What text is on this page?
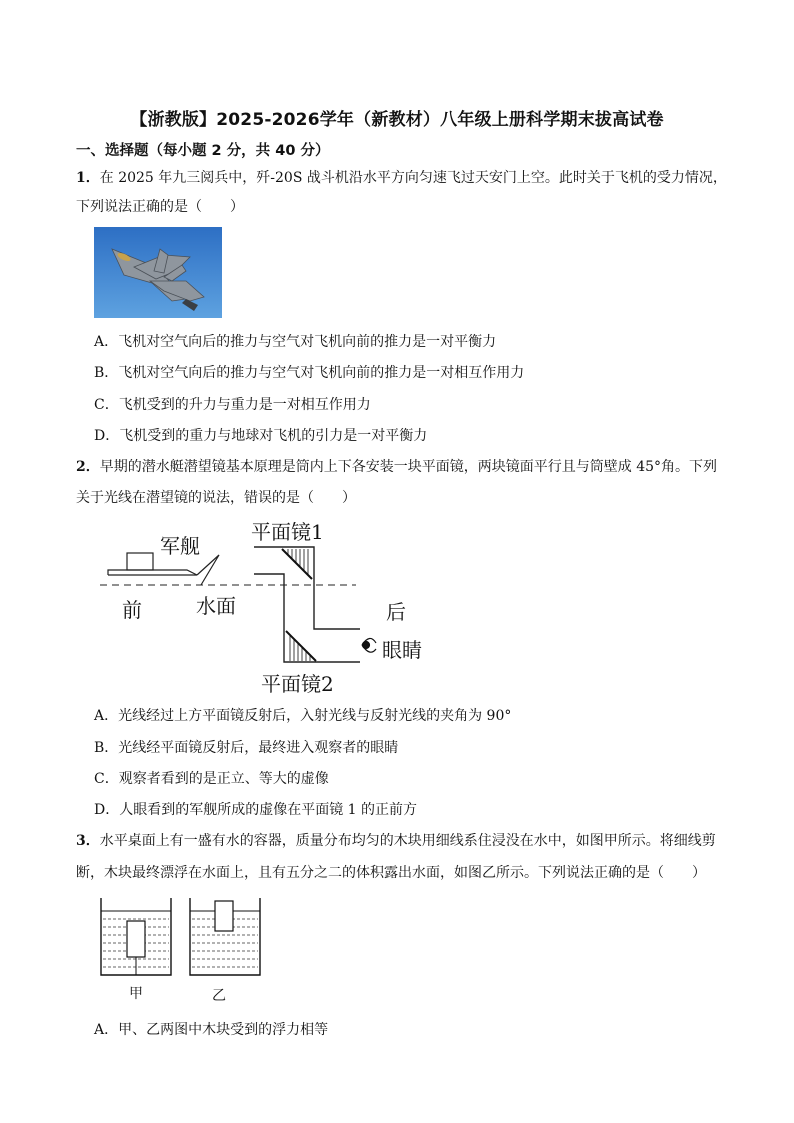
【浙教版】2025-2026学年（新教材）八年级上册科学期末拔高试卷
一、选择题（每小题 2 分，共 40 分）
1．在 2025 年九三阅兵中，歼-20S 战斗机沿水平方向匀速飞过天安门上空。此时关于飞机的受力情况，
下列说法正确的是（　　）
A．飞机对空气向后的推力与空气对飞机向前的推力是一对平衡力
B．飞机对空气向后的推力与空气对飞机向前的推力是一对相互作用力
C．飞机受到的升力与重力是一对相互作用力
D．飞机受到的重力与地球对飞机的引力是一对平衡力
2．早期的潜水艇潜望镜基本原理是筒内上下各安装一块平面镜，两块镜面平行且与筒壁成 45°角。下列
关于光线在潜望镜的说法，错误的是（　　）
军舰
平面镜1
前	水面	后
眼睛
平面镜2
A．光线经过上方平面镜反射后，入射光线与反射光线的夹角为 90°
B．光线经平面镜反射后，最终进入观察者的眼睛
C．观察者看到的是正立、等大的虚像
D．人眼看到的军舰所成的虚像在平面镜 1 的正前方
3．水平桌面上有一盛有水的容器，质量分布均匀的木块用细线系住浸没在水中，如图甲所示。将细线剪
断，木块最终漂浮在水面上，且有五分之二的体积露出水面，如图乙所示。下列说法正确的是（　　）
甲	乙
A．甲、乙两图中木块受到的浮力相等
